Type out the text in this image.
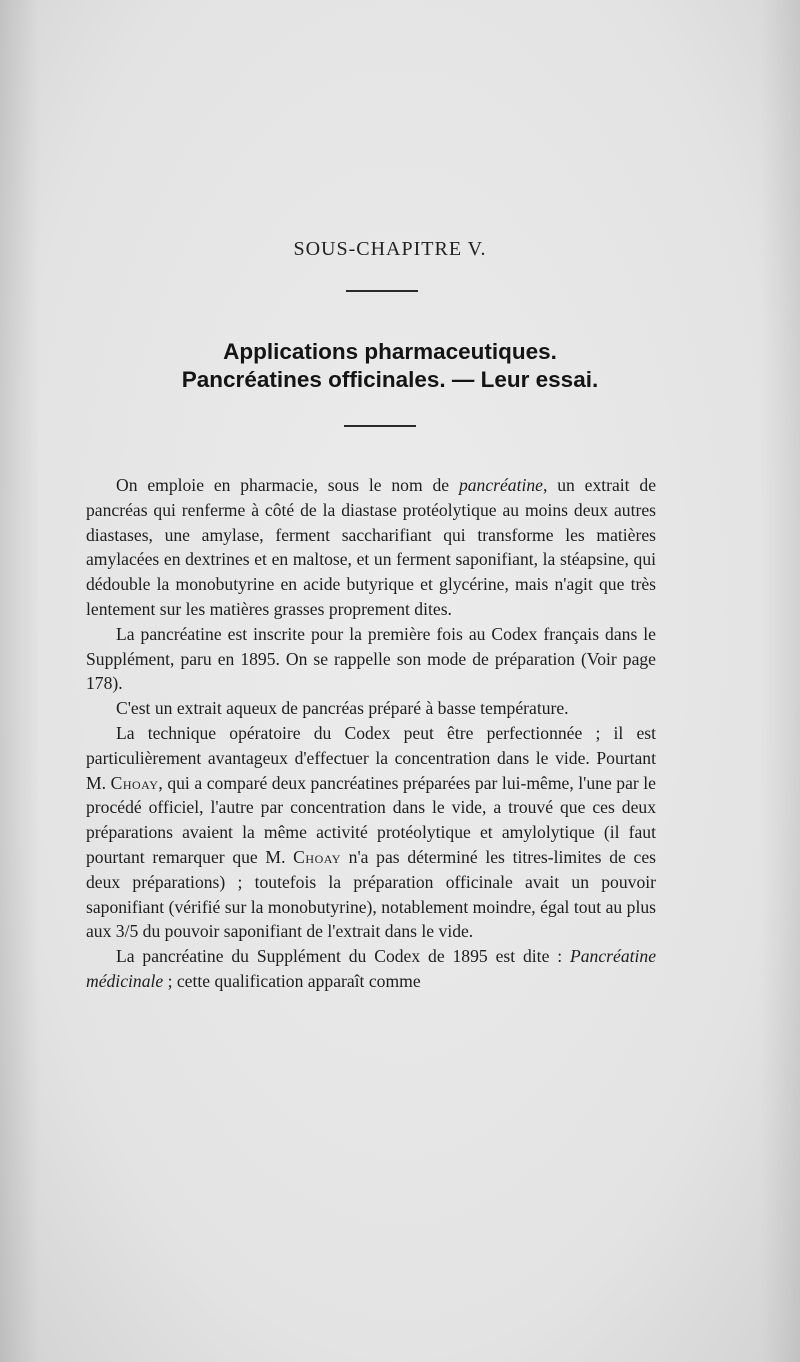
SOUS-CHAPITRE V.
Applications pharmaceutiques.
Pancréatines officinales. — Leur essai.

On emploie en pharmacie, sous le nom de pancréatine, un extrait de pancréas qui renferme à côté de la diastase protéolytique au moins deux autres diastases, une amylase, ferment saccharifiant qui transforme les matières amylacées en dextrines et en maltose, et un ferment saponifiant, la stéapsine, qui dédouble la monobutyrine en acide butyrique et glycérine, mais n'agit que très lentement sur les matières grasses proprement dites.

La pancréatine est inscrite pour la première fois au Codex français dans le Supplément, paru en 1895. On se rappelle son mode de préparation (Voir page 178).

C'est un extrait aqueux de pancréas préparé à basse température.

La technique opératoire du Codex peut être perfectionnée ; il est particulièrement avantageux d'effectuer la concentration dans le vide. Pourtant M. Choay, qui a comparé deux pancréatines préparées par lui-même, l'une par le procédé officiel, l'autre par concentration dans le vide, a trouvé que ces deux préparations avaient la même activité protéolytique et amylolytique (il faut pourtant remarquer que M. Choay n'a pas déterminé les titres-limites de ces deux préparations) ; toutefois la préparation officinale avait un pouvoir saponifiant (vérifié sur la monobutyrine), notablement moindre, égal tout au plus aux 3/5 du pouvoir saponifiant de l'extrait dans le vide.

La pancréatine du Supplément du Codex de 1895 est dite : Pancréatine médicinale ; cette qualification apparaît comme
